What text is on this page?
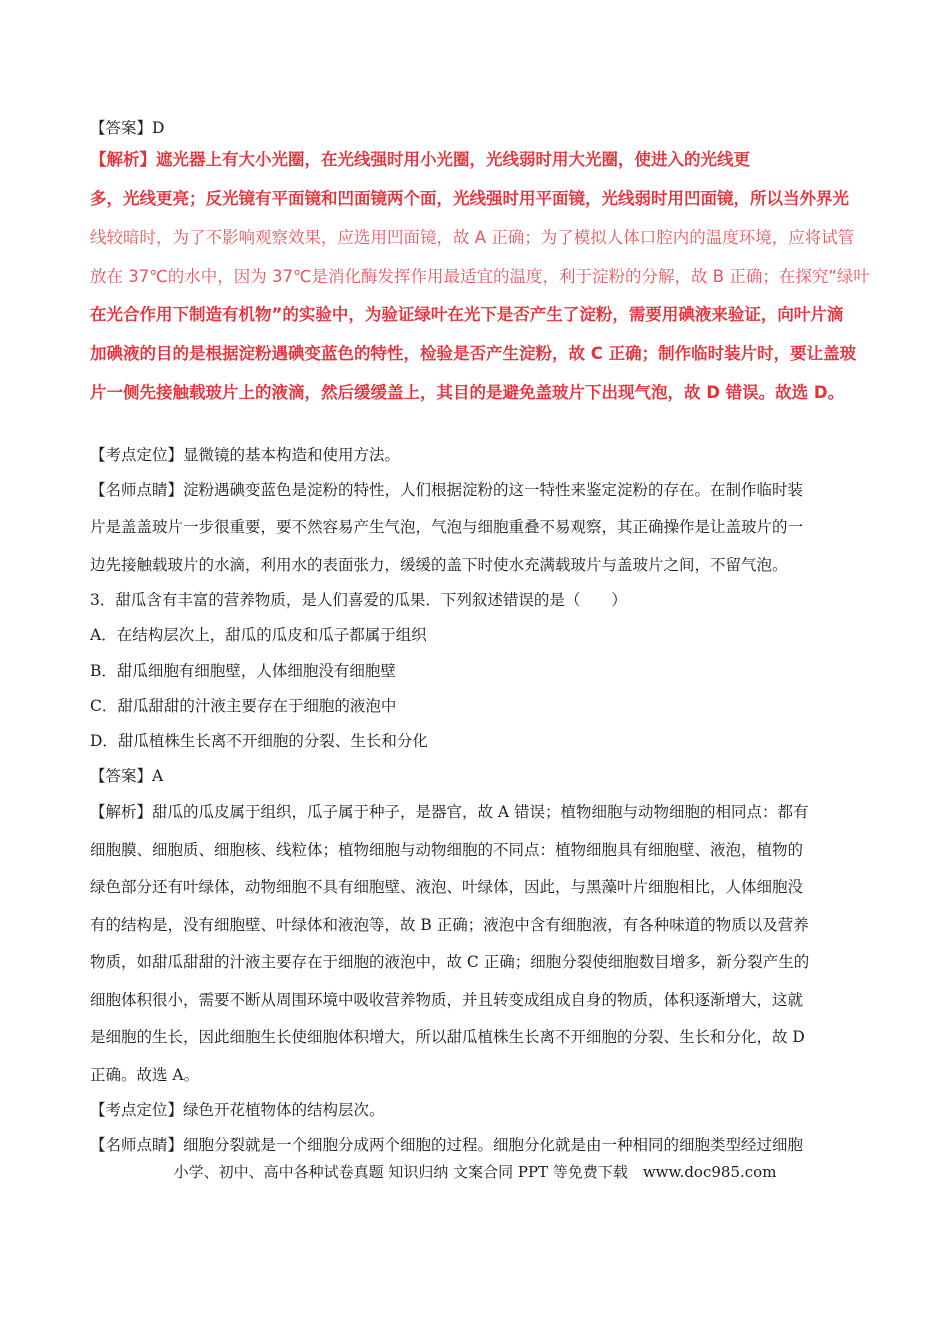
【答案】D
【解析】遮光器上有大小光圈，在光线强时用小光圈，光线弱时用大光圈，使进入的光线更
多，光线更亮；反光镜有平面镜和凹面镜两个面，光线强时用平面镜，光线弱时用凹面镜，所以当外界光
线较暗时，为了不影响观察效果，应选用凹面镜，故 A 正确；为了模拟人体口腔内的温度环境，应将试管
放在 37℃的水中，因为 37℃是消化酶发挥作用最适宜的温度，利于淀粉的分解，故 B 正确；在探究“绿叶
在光合作用下制造有机物”的实验中，为验证绿叶在光下是否产生了淀粉，需要用碘液来验证，向叶片滴
加碘液的目的是根据淀粉遇碘变蓝色的特性，检验是否产生淀粉，故 C 正确；制作临时装片时，要让盖玻
片一侧先接触载玻片上的液滴，然后缓缓盖上，其目的是避免盖玻片下出现气泡，故 D 错误。故选 D。
【考点定位】显微镜的基本构造和使用方法。
【名师点睛】淀粉遇碘变蓝色是淀粉的特性，人们根据淀粉的这一特性来鉴定淀粉的存在。在制作临时装
片是盖盖玻片一步很重要，要不然容易产生气泡，气泡与细胞重叠不易观察，其正确操作是让盖玻片的一
边先接触载玻片的水滴，利用水的表面张力，缓缓的盖下时使水充满载玻片与盖玻片之间，不留气泡。
3．甜瓜含有丰富的营养物质，是人们喜爱的瓜果．下列叙述错误的是（　　）
A．在结构层次上，甜瓜的瓜皮和瓜子都属于组织
B．甜瓜细胞有细胞壁，人体细胞没有细胞壁
C．甜瓜甜甜的汁液主要存在于细胞的液泡中
D．甜瓜植株生长离不开细胞的分裂、生长和分化
【答案】A
【解析】甜瓜的瓜皮属于组织，瓜子属于种子，是器官，故 A 错误；植物细胞与动物细胞的相同点：都有
细胞膜、细胞质、细胞核、线粒体；植物细胞与动物细胞的不同点：植物细胞具有细胞壁、液泡，植物的
绿色部分还有叶绿体，动物细胞不具有细胞壁、液泡、叶绿体，因此，与黑藻叶片细胞相比，人体细胞没
有的结构是，没有细胞壁、叶绿体和液泡等，故 B 正确；液泡中含有细胞液，有各种味道的物质以及营养
物质，如甜瓜甜甜的汁液主要存在于细胞的液泡中，故 C 正确；细胞分裂使细胞数目增多，新分裂产生的
细胞体积很小，需要不断从周围环境中吸收营养物质，并且转变成组成自身的物质，体积逐渐增大，这就
是细胞的生长，因此细胞生长使细胞体积增大，所以甜瓜植株生长离不开细胞的分裂、生长和分化，故 D
正确。故选 A。
【考点定位】绿色开花植物体的结构层次。
【名师点睛】细胞分裂就是一个细胞分成两个细胞的过程。细胞分化就是由一种相同的细胞类型经过细胞
小学、初中、高中各种试卷真题 知识归纳 文案合同 PPT 等免费下载　www.doc985.com
